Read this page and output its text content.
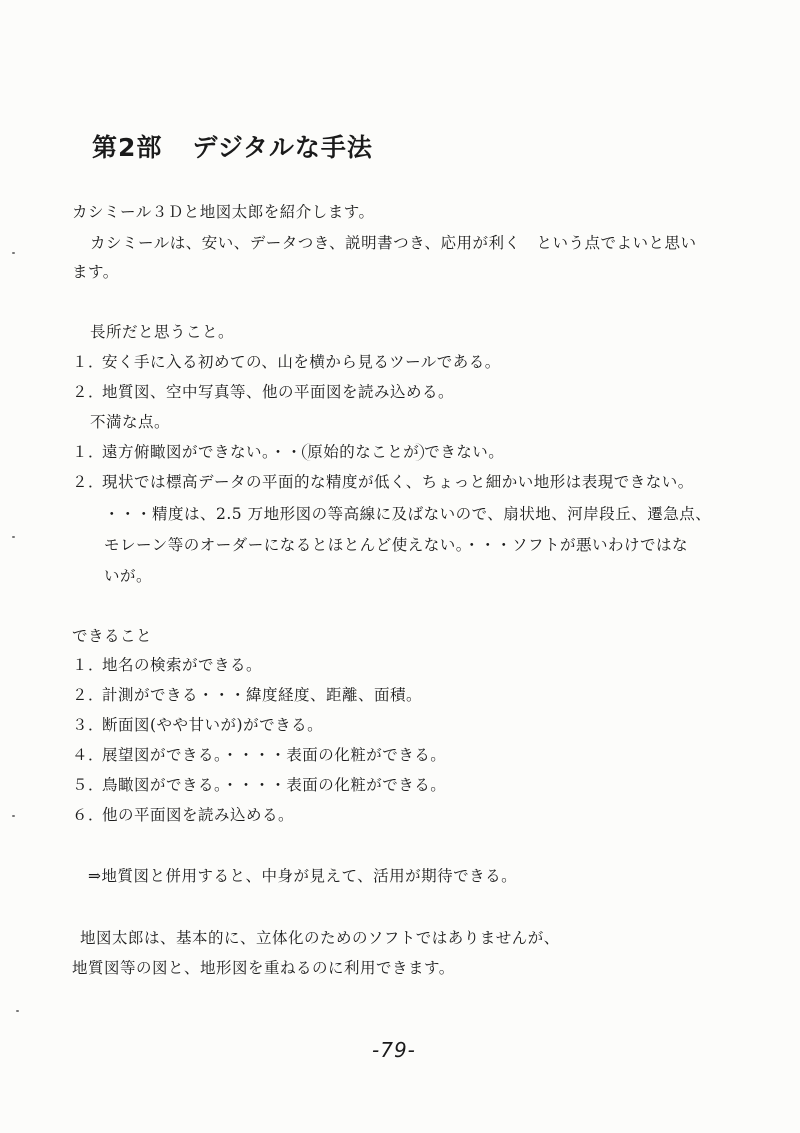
第2部 デジタルな手法
カシミール３Ｄと地図太郎を紹介します。
カシミールは、安い、データつき、説明書つき、応用が利く　という点でよいと思い
ます。
長所だと思うこと。
１．安く手に入る初めての、山を横から見るツールである。
２．地質図、空中写真等、他の平面図を読み込める。
不満な点。
１．遠方俯瞰図ができない。・・ 原始的なことが できない。
２．現状では標高データの平面的な精度が低く、ちょっと細かい地形は表現できない。
・・・精度は、2.5 万地形図の等高線に及ばないので、扇状地、河岸段丘、遷急点、
モレーン等のオーダーになるとほとんど使えない。・・・ソフトが悪いわけではな
いが。
できること
１．地名の検索ができる。
２．計測ができる・・・緯度経度、距離、面積。
３．断面図(やや甘いが)ができる。
４．展望図ができる。・・・・表面の化粧ができる。
５．鳥瞰図ができる。・・・・表面の化粧ができる。
６．他の平面図を読み込める。
⇒地質図と併用すると、中身が見えて、活用が期待できる。
地図太郎は、基本的に、立体化のためのソフトではありませんが、
地質図等の図と、地形図を重ねるのに利用できます。
-79-
